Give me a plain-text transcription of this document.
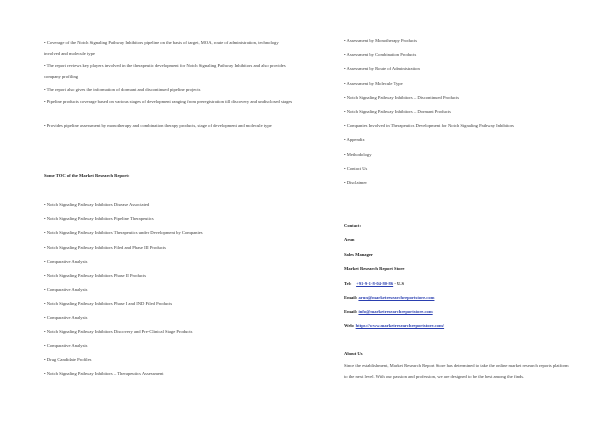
• Coverage of the Notch Signaling Pathway Inhibitors pipeline on the basis of target, MOA, route of administration, technology involved and molecule type

• The report reviews key players involved in the therapeutic development for Notch Signaling Pathway Inhibitors and also provides company profiling

• The report also gives the information of dormant and discontinued pipeline projects

• Pipeline products coverage based on various stages of development ranging from preregistration till discovery and undisclosed stages

• Provides pipeline assessment by monotherapy and combination therapy products, stage of development and molecule type

Some TOC of the Market Research Report:

• Notch Signaling Pathway Inhibitors Disease Associated

• Notch Signaling Pathway Inhibitors Pipeline Therapeutics

• Notch Signaling Pathway Inhibitors Therapeutics under Development by Companies

• Notch Signaling Pathway Inhibitors Filed and Phase III Products

• Comparative Analysis

• Notch Signaling Pathway Inhibitors Phase II Products

• Comparative Analysis

• Notch Signaling Pathway Inhibitors Phase I and IND Filed Products

• Comparative Analysis

• Notch Signaling Pathway Inhibitors Discovery and Pre-Clinical Stage Products

• Comparative Analysis

• Drug Candidate Profiles

• Notch Signaling Pathway Inhibitors – Therapeutics Assessment

• Assessment by Monotherapy Products

• Assessment by Combination Products

• Assessment by Route of Administration

• Assessment by Molecule Type

• Notch Signaling Pathway Inhibitors – Discontinued Products

• Notch Signaling Pathway Inhibitors – Dormant Products

• Companies Involved in Therapeutics Development for Notch Signaling Pathway Inhibitors

• Appendix

• Methodology

• Contact Us

• Disclaimer

Contact:

Arun

Sales Manager

Market Research Report Store

Tel: +91-9-1-8-04-80-86 - U.S

Email: arun@marketresearchreportstore.com

Email: info@marketresearchreportstore.com

Web: https://www.marketresearchreportstore.com/

About Us

Since the establishment, Market Research Report Store has determined to take the online market research reports platform to the next level. With our passion and profession, we are designed to be the best among the finds.
